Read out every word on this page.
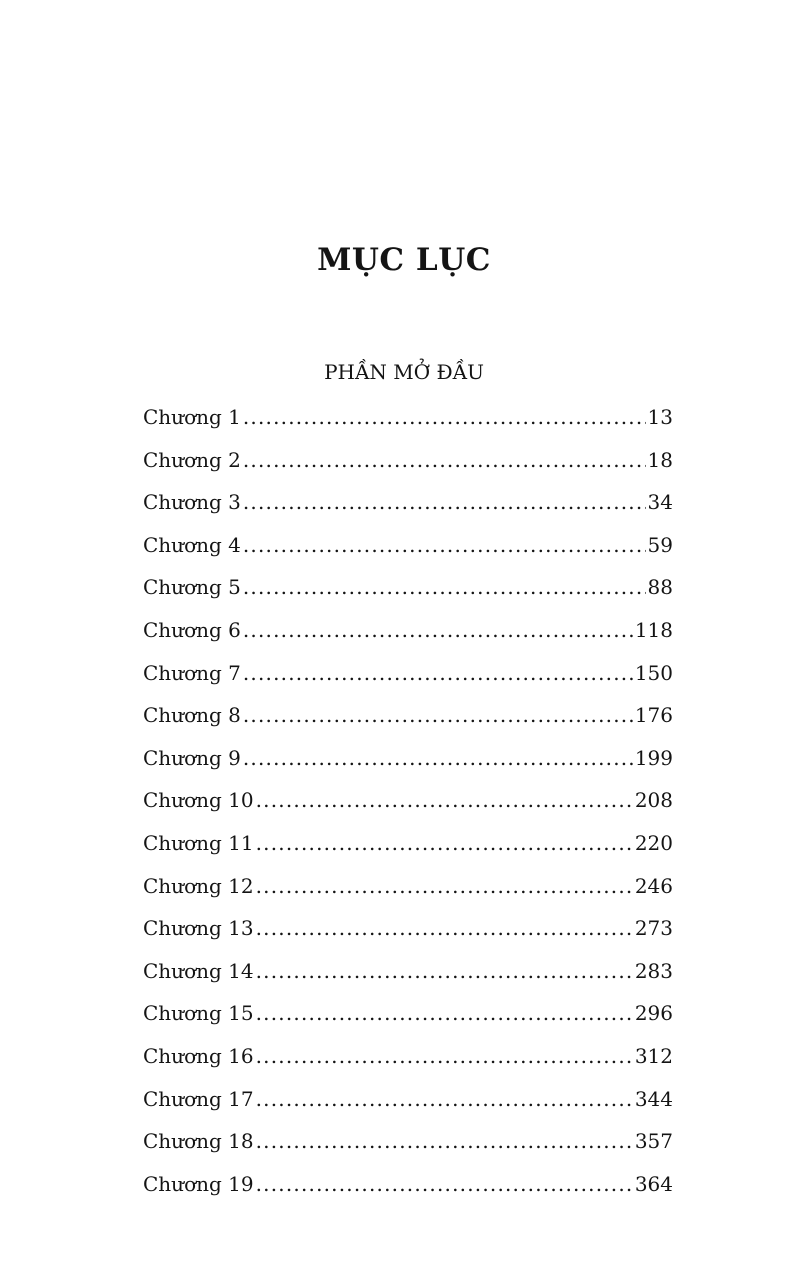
MỤC LỤC
PHẦN MỞ ĐẦU
Chương 1 .....	13
Chương 2 .....	18
Chương 3 .....	34
Chương 4 .....	59
Chương 5 .....	88
Chương 6 .....	118
Chương 7 .....	150
Chương 8 .....	176
Chương 9 .....	199
Chương 10 .....	208
Chương 11 .....	220
Chương 12 .....	246
Chương 13 .....	273
Chương 14 .....	283
Chương 15 .....	296
Chương 16 .....	312
Chương 17 .....	344
Chương 18 .....	357
Chương 19 .....	364
